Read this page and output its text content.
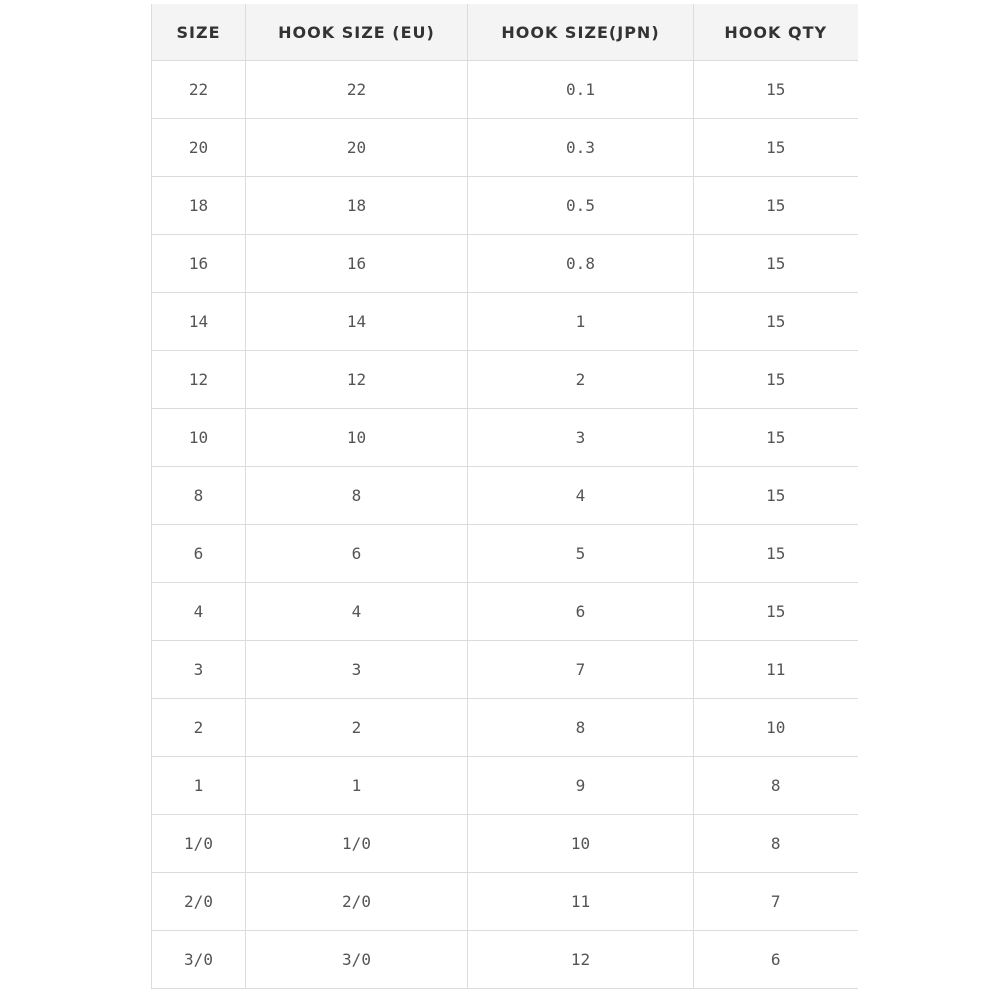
SIZE	HOOK SIZE (EU)	HOOK SIZE(JPN)	HOOK QTY
22	22	0.1	15
20	20	0.3	15
18	18	0.5	15
16	16	0.8	15
14	14	1	15
12	12	2	15
10	10	3	15
8	8	4	15
6	6	5	15
4	4	6	15
3	3	7	11
2	2	8	10
1	1	9	8
1/0	1/0	10	8
2/0	2/0	11	7
3/0	3/0	12	6
